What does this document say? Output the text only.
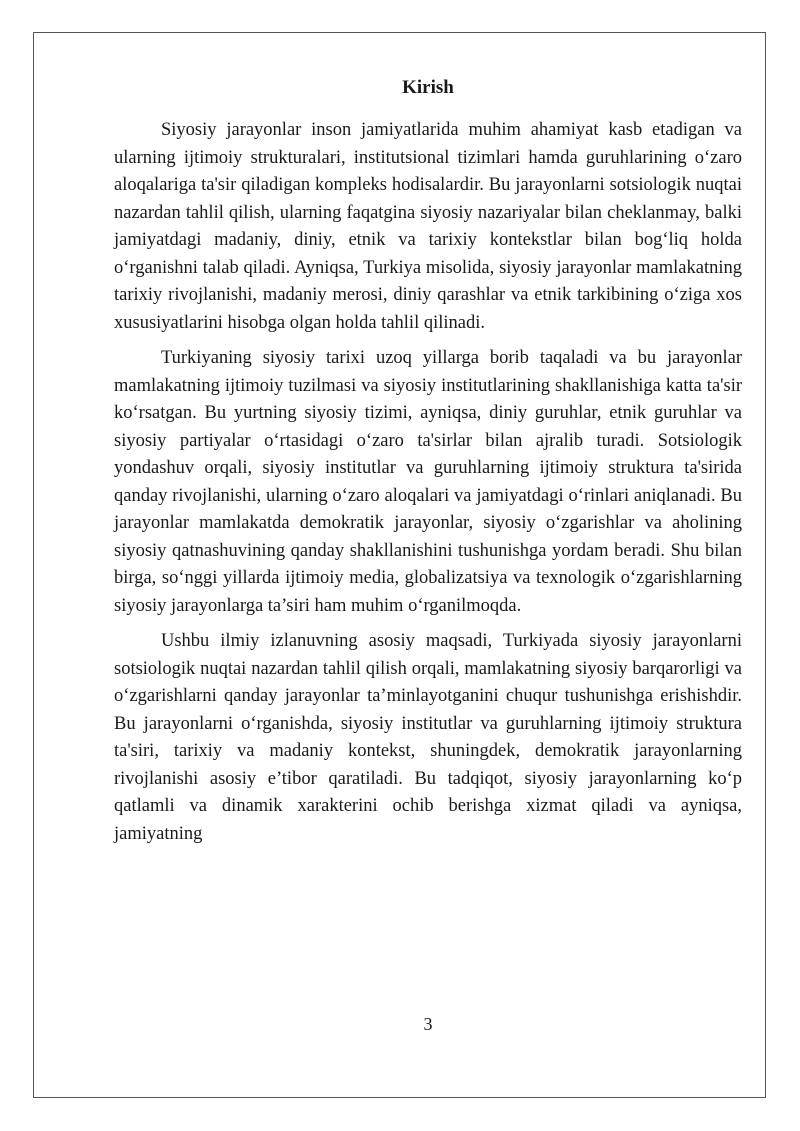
Kirish

Siyosiy jarayonlar inson jamiyatlarida muhim ahamiyat kasb etadigan va ularning ijtimoiy strukturalari, institutsional tizimlari hamda guruhlarining o‘zaro aloqalariga ta'sir qiladigan kompleks hodisalardir. Bu jarayonlarni sotsiologik nuqtai nazardan tahlil qilish, ularning faqatgina siyosiy nazariyalar bilan cheklanmay, balki jamiyatdagi madaniy, diniy, etnik va tarixiy kontekstlar bilan bog‘liq holda o‘rganishni talab qiladi. Ayniqsa, Turkiya misolida, siyosiy jarayonlar mamlakatning tarixiy rivojlanishi, madaniy merosi, diniy qarashlar va etnik tarkibining o‘ziga xos xususiyatlarini hisobga olgan holda tahlil qilinadi.

Turkiyaning siyosiy tarixi uzoq yillarga borib taqaladi va bu jarayonlar mamlakatning ijtimoiy tuzilmasi va siyosiy institutlarining shakllanishiga katta ta'sir ko‘rsatgan. Bu yurtning siyosiy tizimi, ayniqsa, diniy guruhlar, etnik guruhlar va siyosiy partiyalar o‘rtasidagi o‘zaro ta'sirlar bilan ajralib turadi. Sotsiologik yondashuv orqali, siyosiy institutlar va guruhlarning ijtimoiy struktura ta'sirida qanday rivojlanishi, ularning o‘zaro aloqalari va jamiyatdagi o‘rinlari aniqlanadi. Bu jarayonlar mamlakatda demokratik jarayonlar, siyosiy o‘zgarishlar va aholining siyosiy qatnashuvining qanday shakllanishini tushunishga yordam beradi. Shu bilan birga, so‘nggi yillarda ijtimoiy media, globalizatsiya va texnologik o‘zgarishlarning siyosiy jarayonlarga ta’siri ham muhim o‘rganilmoqda.

Ushbu ilmiy izlanuvning asosiy maqsadi, Turkiyada siyosiy jarayonlarni sotsiologik nuqtai nazardan tahlil qilish orqali, mamlakatning siyosiy barqarorligi va o‘zgarishlarni qanday jarayonlar ta’minlayotganini chuqur tushunishga erishishdir. Bu jarayonlarni o‘rganishda, siyosiy institutlar va guruhlarning ijtimoiy struktura ta'siri, tarixiy va madaniy kontekst, shuningdek, demokratik jarayonlarning rivojlanishi asosiy e’tibor qaratiladi. Bu tadqiqot, siyosiy jarayonlarning ko‘p qatlamli va dinamik xarakterini ochib berishga xizmat qiladi va ayniqsa, jamiyatning

3
